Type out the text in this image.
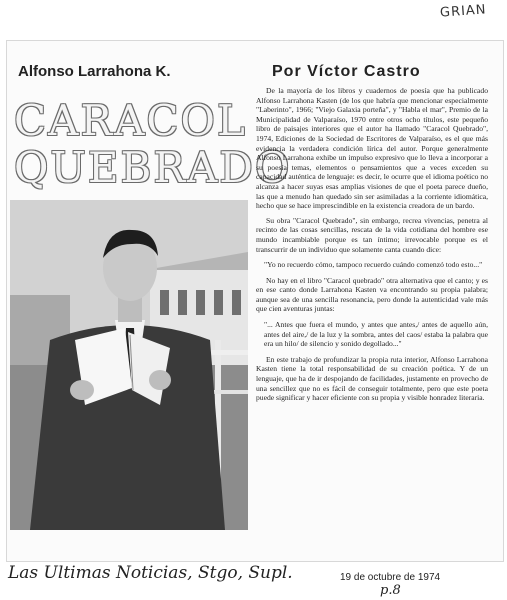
GRIAN
Alfonso Larrahona K.	Por Víctor Castro
CARACOL
QUEBRADO

De la mayoría de los libros y cuadernos de poesía que ha publicado Alfonso Larrahona Kasten (de los que habría que mencionar especialmente "Laberinto", 1966; "Viejo Galaxia porteña", y "Habla el mar", Premio de la Municipalidad de Valparaíso, 1970 entre otros ocho títulos, este pequeño libro de paisajes interiores que el autor ha llamado "Caracol Quebrado", 1974, Ediciones de la Sociedad de Escritores de Valparaíso, es el que más evidencia la verdadera condición lírica del autor. Porque generalmente Alfonso Larrahona exhibe un impulso expresivo que lo lleva a incorporar a su poesía temas, elementos o pensamientos que a veces exceden su capacidad auténtica de lenguaje: es decir, le ocurre que el idioma poético no alcanza a hacer suyas esas amplias visiones de que el poeta parece dueño, las que a menudo han quedado sin ser asimiladas a la corriente idiomática, hecho que se hace imprescindible en la existencia creadora de un bardo.

Su obra "Caracol Quebrado", sin embargo, recrea vivencias, penetra al recinto de las cosas sencillas, rescata de la vida cotidiana del hombre ese mundo incambiable porque es tan íntimo; irrevocable porque es el transcurrir de un individuo que solamente canta cuando dice:

"Yo no recuerdo cómo, tampoco recuerdo cuándo comenzó todo esto..."

No hay en el libro "Caracol quebrado" otra alternativa que el canto; y es en ese canto donde Larrahona Kasten va encontrando su propia palabra; aunque sea de una sencilla resonancia, pero donde la autenticidad vale más que cien aventuras juntas:

"... Antes que fuera el mundo, y antes que antes,/ antes de aquello aún, antes del aire,/ de la luz y la sombra, antes del caos/ estaba la palabra que era un hilo/ de silencio y sonido degollado..."

En este trabajo de profundizar la propia ruta interior, Alfonso Larrahona Kasten tiene la total responsabilidad de su creación poética. Y de un lenguaje, que ha de ir despojando de facilidades, justamente en provecho de una sencillez que no es fácil de conseguir totalmente, pero que este poeta puede significar y hacer eficiente con su propia y visible honradez literaria.

Las Ultimas Noticias, Stgo, Supl.	19 de octubre de 1974
p.8
